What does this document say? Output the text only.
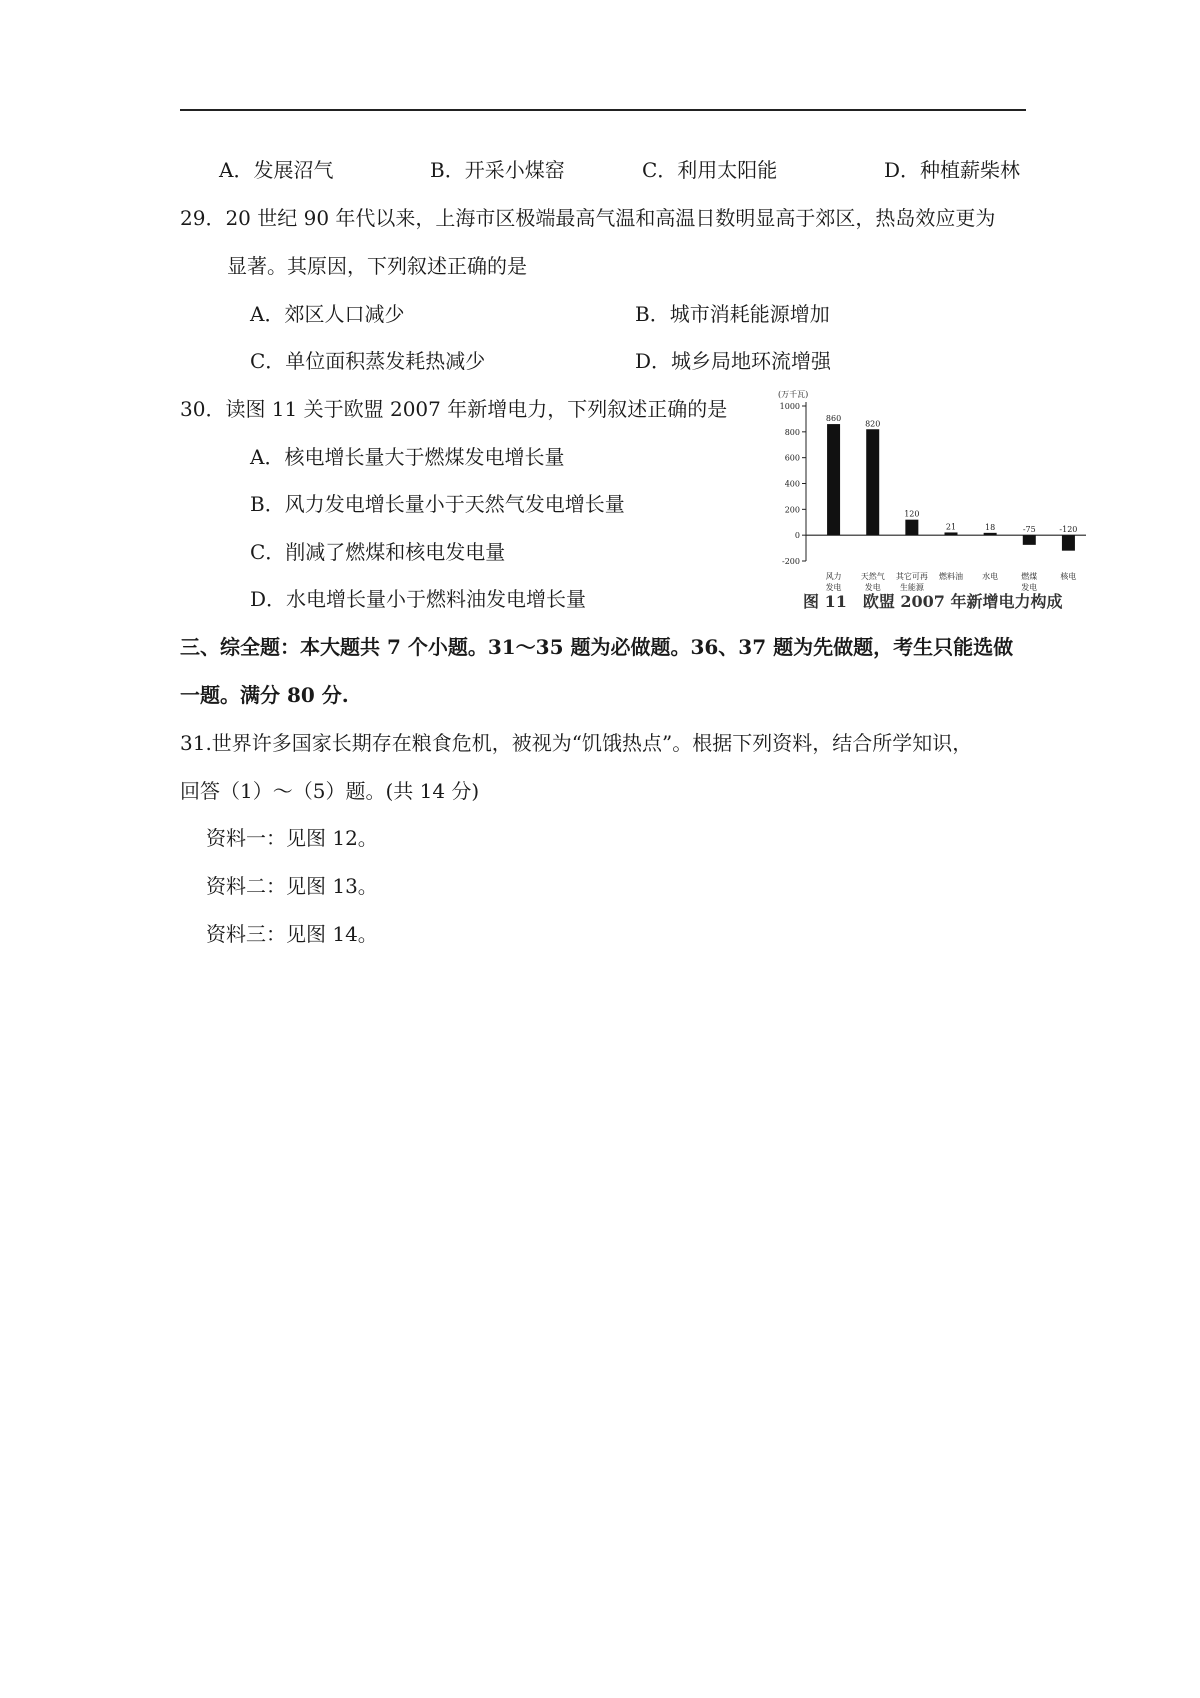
A．发展沼气	B．开采小煤窑	C．利用太阳能	D．种植薪柴林
29．20 世纪 90 年代以来，上海市区极端最高气温和高温日数明显高于郊区，热岛效应更为
显著。其原因，下列叙述正确的是
A．郊区人口减少	B．城市消耗能源增加
C．单位面积蒸发耗热减少	D．城乡局地环流增强
30．读图 11 关于欧盟 2007 年新增电力，下列叙述正确的是
A．核电增长量大于燃煤发电增长量
B．风力发电增长量小于天然气发电增长量
C．削减了燃煤和核电发电量
D．水电增长量小于燃料油发电增长量
(万千瓦)
-200
0
200
400
600
800
1000
860
风力
发电
820
天然气
发电
120
其它可再
生能源
21
燃料油
18
水电
-75
燃煤
发电
-120
核电
图 11　欧盟 2007 年新增电力构成
三、综全题：本大题共 7 个小题。31～35 题为必做题。36、37 题为先做题，考生只能选做
一题。满分 80 分.
31.世界许多国家长期存在粮食危机，被视为“饥饿热点”。根据下列资料，结合所学知识，
回答（1）～（5）题。(共 14 分)
资料一：见图 12。
资料二：见图 13。
资料三：见图 14。
